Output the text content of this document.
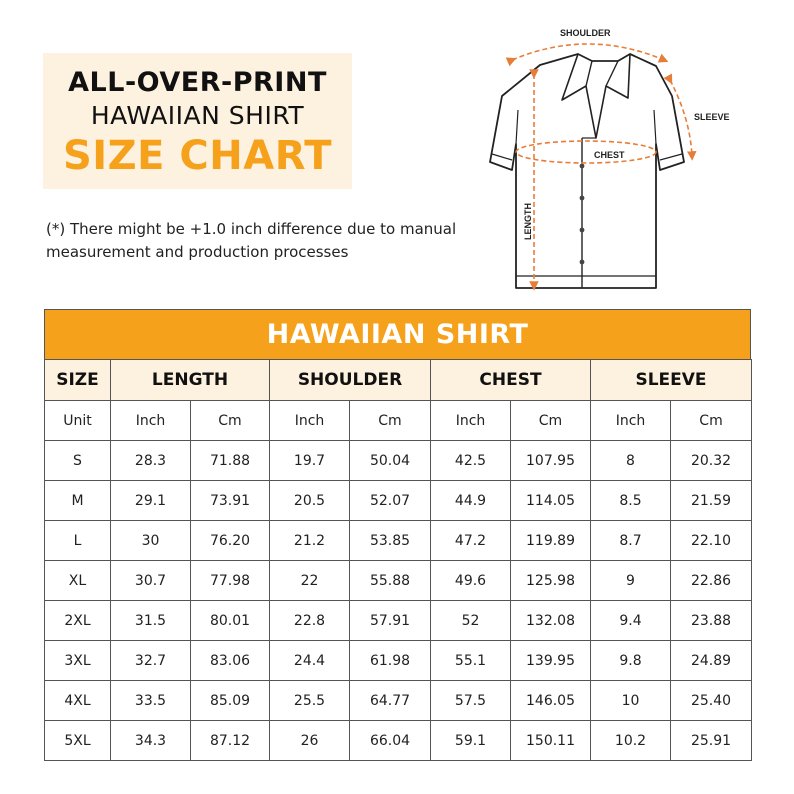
ALL-OVER-PRINT
HAWAIIAN SHIRT
SIZE CHART
(*) There might be +1.0 inch difference due to manual measurement and production processes
SHOULDER
SLEEVE
CHEST
LENGTH
HAWAIIAN SHIRT
SIZE	LENGTH		SHOULDER		CHEST		SLEEVE	
Unit	Inch	Cm	Inch	Cm	Inch	Cm	Inch	Cm
S	28.3	71.88	19.7	50.04	42.5	107.95	8	20.32
M	29.1	73.91	20.5	52.07	44.9	114.05	8.5	21.59
L	30	76.20	21.2	53.85	47.2	119.89	8.7	22.10
XL	30.7	77.98	22	55.88	49.6	125.98	9	22.86
2XL	31.5	80.01	22.8	57.91	52	132.08	9.4	23.88
3XL	32.7	83.06	24.4	61.98	55.1	139.95	9.8	24.89
4XL	33.5	85.09	25.5	64.77	57.5	146.05	10	25.40
5XL	34.3	87.12	26	66.04	59.1	150.11	10.2	25.91
